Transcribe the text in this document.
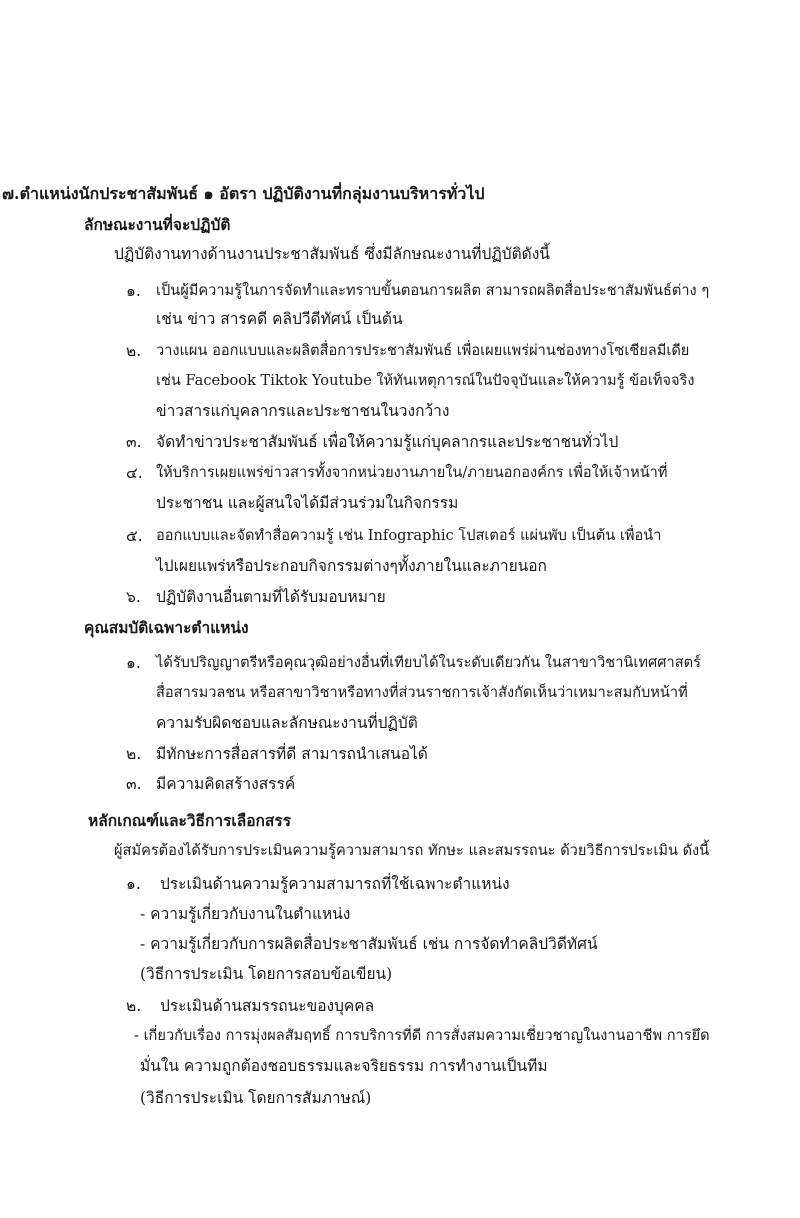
๗.ตำแหน่งนักประชาสัมพันธ์ ๑ อัตรา ปฏิบัติงานที่กลุ่มงานบริหารทั่วไป
ลักษณะงานที่จะปฏิบัติ
ปฏิบัติงานทางด้านงานประชาสัมพันธ์ ซึ่งมีลักษณะงานที่ปฏิบัติดังนี้
๑. เป็นผู้มีความรู้ในการจัดทำและทราบขั้นตอนการผลิต สามารถผลิตสื่อประชาสัมพันธ์ต่าง ๆ
เช่น ข่าว สารคดี คลิปวีดีทัศน์ เป็นต้น
๒. วางแผน ออกแบบและผลิตสื่อการประชาสัมพันธ์ เพื่อเผยแพร่ผ่านช่องทางโซเชียลมีเดีย
เช่น Facebook Tiktok Youtube ให้ทันเหตุการณ์ในปัจจุบันและให้ความรู้ ข้อเท็จจริง
ข่าวสารแก่บุคลากรและประชาชนในวงกว้าง
๓. จัดทำข่าวประชาสัมพันธ์ เพื่อให้ความรู้แก่บุคลากรและประชาชนทั่วไป
๔. ให้บริการเผยแพร่ข่าวสารทั้งจากหน่วยงานภายใน/ภายนอกองค์กร เพื่อให้เจ้าหน้าที่
ประชาชน และผู้สนใจได้มีส่วนร่วมในกิจกรรม
๕. ออกแบบและจัดทำสื่อความรู้ เช่น Infographic โปสเตอร์ แผ่นพับ เป็นต้น เพื่อนำ
ไปเผยแพร่หรือประกอบกิจกรรมต่างๆทั้งภายในและภายนอก
๖. ปฏิบัติงานอื่นตามที่ได้รับมอบหมาย
คุณสมบัติเฉพาะตำแหน่ง
๑. ได้รับปริญญาตรีหรือคุณวุฒิอย่างอื่นที่เทียบได้ในระดับเดียวกัน ในสาขาวิชานิเทศศาสตร์
สื่อสารมวลชน หรือสาขาวิชาหรือทางที่ส่วนราชการเจ้าสังกัดเห็นว่าเหมาะสมกับหน้าที่
ความรับผิดชอบและลักษณะงานที่ปฏิบัติ
๒. มีทักษะการสื่อสารที่ดี สามารถนำเสนอได้
๓. มีความคิดสร้างสรรค์
หลักเกณฑ์และวิธีการเลือกสรร
ผู้สมัครต้องได้รับการประเมินความรู้ความสามารถ ทักษะ และสมรรถนะ ด้วยวิธีการประเมิน ดังนี้
๑. ประเมินด้านความรู้ความสามารถที่ใช้เฉพาะตำแหน่ง
- ความรู้เกี่ยวกับงานในตำแหน่ง
- ความรู้เกี่ยวกับการผลิตสื่อประชาสัมพันธ์ เช่น การจัดทำคลิปวิดีทัศน์
(วิธีการประเมิน โดยการสอบข้อเขียน)
๒. ประเมินด้านสมรรถนะของบุคคล
- เกี่ยวกับเรื่อง การมุ่งผลสัมฤทธิ์ การบริการที่ดี การสั่งสมความเชี่ยวชาญในงานอาชีพ การยึด
มั่นใน ความถูกต้องชอบธรรมและจริยธรรม การทำงานเป็นทีม
(วิธีการประเมิน โดยการสัมภาษณ์)
